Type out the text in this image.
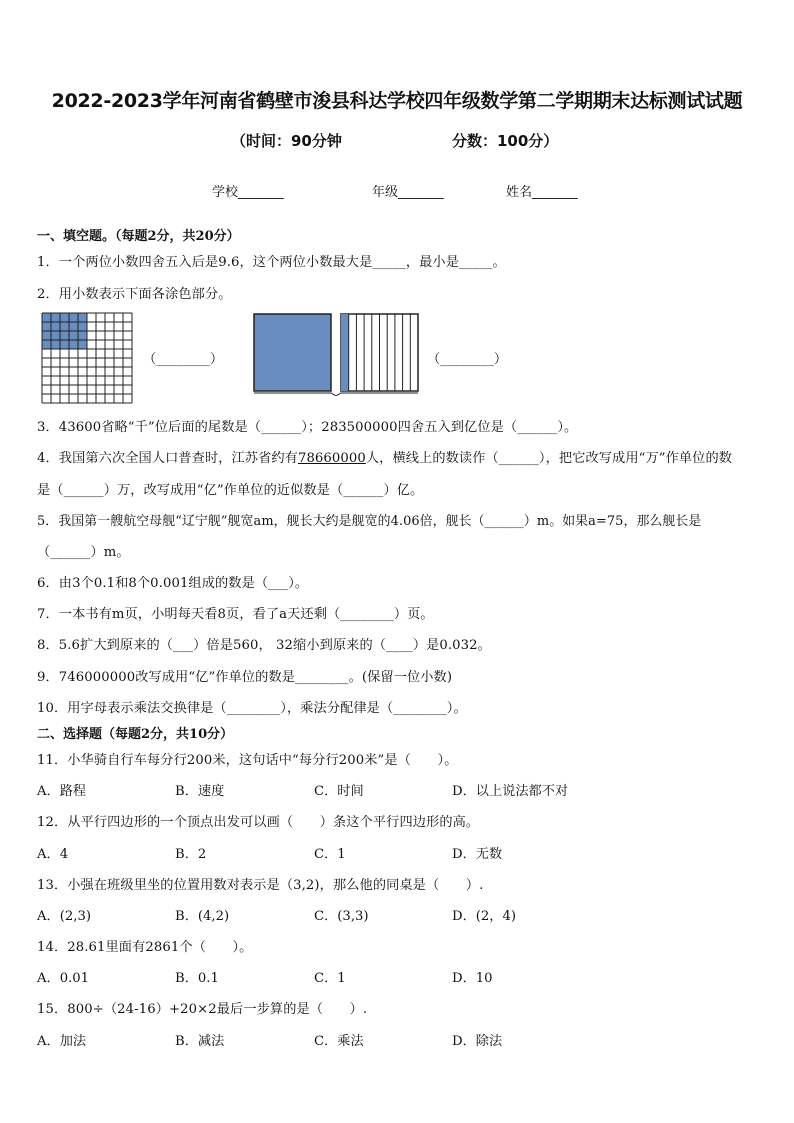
2022-2023学年河南省鹤壁市浚县科达学校四年级数学第二学期期末达标测试试题
（时间：90分钟	分数：100分）
学校_______	年级_______	姓名_______
一、填空题。（每题2分，共20分）
1．一个两位小数四舍五入后是9.6，这个两位小数最大是_____，最小是_____。
2．用小数表示下面各涂色部分。
（________）	（________）
3．43600省略“千”位后面的尾数是（______）；283500000四舍五入到亿位是（______）。
4．我国第六次全国人口普查时，江苏省约有78660000人，横线上的数读作（______），把它改写成用“万”作单位的数
是（______）万，改写成用“亿”作单位的近似数是（______）亿。
5．我国第一艘航空母舰“辽宁舰”舰宽am，舰长大约是舰宽的4.06倍，舰长（______）m。如果a=75，那么舰长是
（______）m。
6．由3个0.1和8个0.001组成的数是（___）。
7．一本书有m页，小明每天看8页，看了a天还剩（________）页。
8．5.6扩大到原来的（___）倍是560， 32缩小到原来的（____）是0.032。
9．746000000改写成用“亿”作单位的数是________。(保留一位小数)
10．用字母表示乘法交换律是（________），乘法分配律是（________）。
二、选择题（每题2分，共10分）
11．小华骑自行车每分行200米，这句话中“每分行200米”是（　　）。
A．路程	B．速度	C．时间	D．以上说法都不对
12．从平行四边形的一个顶点出发可以画（　　）条这个平行四边形的高。
A．4	B．2	C．1	D．无数
13．小强在班级里坐的位置用数对表示是（3,2)，那么他的同桌是（　　）.
A．(2,3)	B．(4,2)	C．(3,3)	D．(2，4)
14．28.61里面有2861个（　　）。
A．0.01	B．0.1	C．1	D．10
15．800÷（24-16）+20×2最后一步算的是（　　）.
A．加法	B．减法	C．乘法	D．除法
